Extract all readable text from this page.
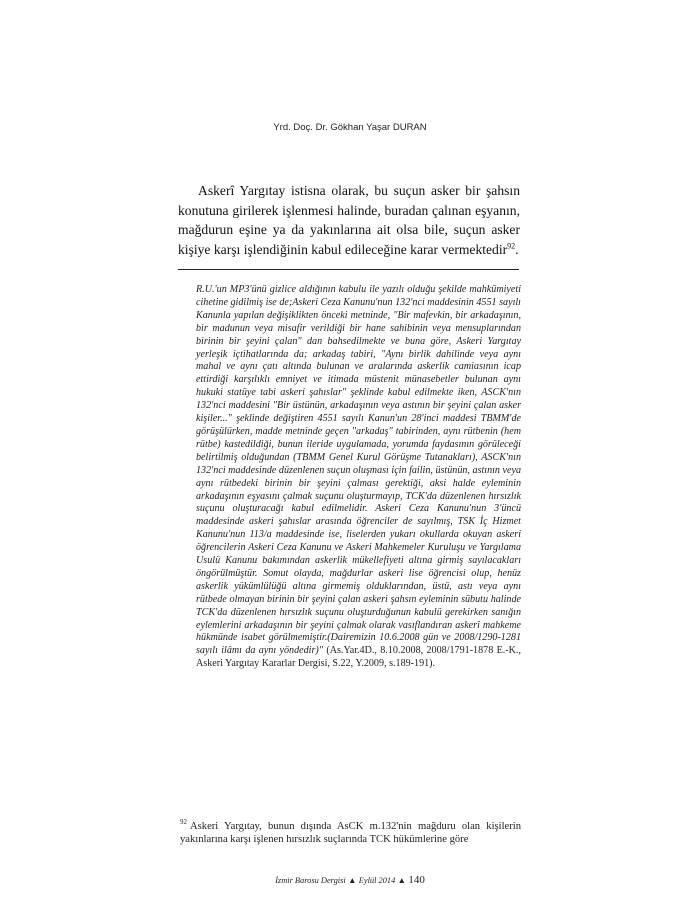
Yrd. Doç. Dr. Gökhan Yaşar DURAN

Askerî Yargıtay istisna olarak, bu suçun asker bir şahsın konutuna girilerek işlenmesi halinde, buradan çalınan eşyanın, mağdurun eşine ya da yakınlarına ait olsa bile, suçun asker kişiye karşı işlendiğinin kabul edileceğine karar vermektedir$^{92}$.

R.U.'un MP3'ünü gizlice aldığının kabulu ile yazılı olduğu şekilde mahkûmiyeti cihetine gidilmiş ise de;Askeri Ceza Kanunu'nun 132'nci maddesinin 4551 sayılı Kanunla yapılan değişiklikten önceki metninde, "Bir mafevkin, bir arkadaşının, bir madunun veya misafir verildiği bir hane sahibinin veya mensuplarından birinin bir şeyini çalan" dan bahsedilmekte ve buna göre, Askeri Yargıtay yerleşik içtihatlarında da; arkadaş tabiri, "Aynı birlik dahilinde veya aynı mahal ve aynı çatı altında bulunan ve aralarında askerlik camiasının icap ettirdiği karşılıklı emniyet ve itimada müstenit münasebetler bulunan aynı hukuki statüye tabi askeri şahıslar" şeklinde kabul edilmekte iken, ASCK'nın 132'nci maddesini "Bir üstünün, arkadaşının veya astının bir şeyini çalan asker kişiler..." şeklinde değiştiren 4551 sayılı Kanun'un 28'inci maddesi TBMM'de görüşülürken, madde metninde geçen "arkadaş" tabirinden, aynı rütbenin (hem rütbe) kastedildiği, bunun ileride uygulamada, yorumda faydasının görüleceği belirtilmiş olduğundan (TBMM Genel Kurul Görüşme Tutanakları), ASCK'nın 132'nci maddesinde düzenlenen suçun oluşması için failin, üstünün, astının veya aynı rütbedeki birinin bir şeyini çalması gerektiği, aksi halde eyleminin arkadaşının eşyasını çalmak suçunu oluşturmayıp, TCK'da düzenlenen hırsızlık suçunu oluşturacağı kabul edilmelidir. Askeri Ceza Kanunu'nun 3'üncü maddesinde askeri şahıslar arasında öğrenciler de sayılmış, TSK İç Hizmet Kanunu'nun 113/a maddesinde ise, liselerden yukarı okullarda okuyan askeri öğrencilerin Askeri Ceza Kanunu ve Askeri Mahkemeler Kuruluşu ve Yargılama Usulü Kanunu bakımından askerlik mükellefiyeti altına girmiş sayılacakları öngörülmüştür. Somut olayda, mağdurlar askeri lise öğrencisi olup, henüz askerlik yükümlülüğü altına girmemiş olduklarından, üstü, astı veya aynı rütbede olmayan birinin bir şeyini çalan askeri şahsın eyleminin sübutu halinde TCK'da düzenlenen hırsızlık suçunu oluşturduğunun kabulü gerekirken sanığın eylemlerini arkadaşının bir şeyini çalmak olarak vasıflandıran askerî mahkeme hükmünde isabet görülmemiştir.(Dairemizin 10.6.2008 gün ve 2008/1290-1281 sayılı ilâmı da aynı yöndedir)" (As.Yar.4D., 8.10.2008, 2008/1791-1878 E.-K., Askeri Yargıtay Kararlar Dergisi, S.22, Y.2009, s.189-191).

$^{92}$ Askeri Yargıtay, bunun dışında AsCK m.132'nin mağduru olan kişilerin yakınlarına karşı işlenen hırsızlık suçlarında TCK hükümlerine göre

İzmir Barosu Dergisi ▲ Eylül 2014 ▲ 140
